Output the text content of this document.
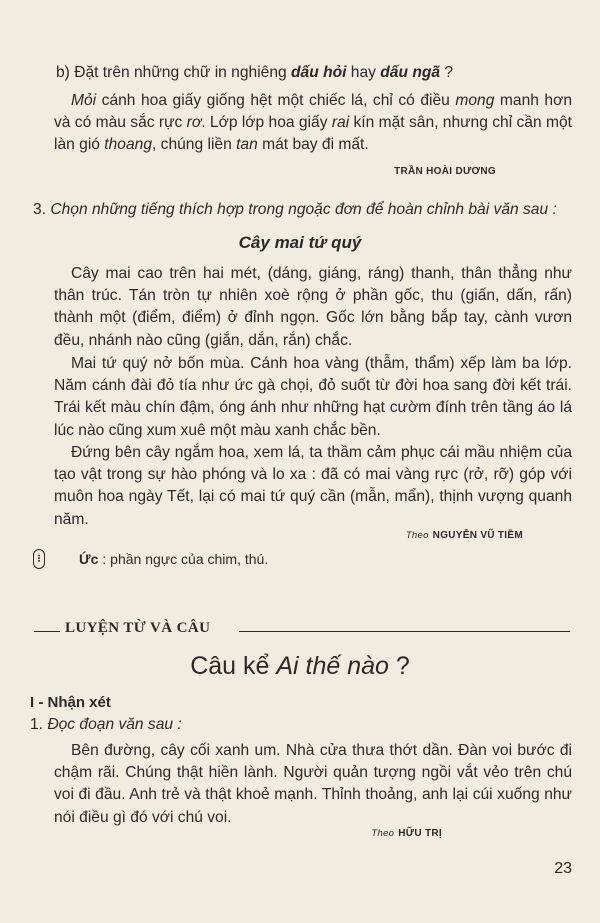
b) Đặt trên những chữ in nghiêng dấu hỏi hay dấu ngã ?

Mỏi cánh hoa giấy giống hệt một chiếc lá, chỉ có điều mong manh hơn và có màu sắc rực rơ. Lớp lớp hoa giấy rai kín mặt sân, nhưng chỉ cần một làn gió thoang, chúng liền tan mát bay đi mất.

TRẦN HOÀI DƯƠNG

3. Chọn những tiếng thích hợp trong ngoặc đơn để hoàn chỉnh bài văn sau :

Cây mai tứ quý

Cây mai cao trên hai mét, (dáng, giáng, ráng) thanh, thân thẳng như thân trúc. Tán tròn tự nhiên xoè rộng ở phần gốc, thu (giấn, dấn, rấn) thành một (điểm, điểm) ở đỉnh ngọn. Gốc lớn bằng bắp tay, cành vươn đều, nhánh nào cũng (giắn, dắn, rắn) chắc.

Mai tứ quý nở bốn mùa. Cánh hoa vàng (thẫm, thẩm) xếp làm ba lớp. Năm cánh đài đỏ tía như ức gà chọi, đỏ suốt từ đời hoa sang đời kết trái. Trái kết màu chín đậm, óng ánh như những hạt cườm đính trên tầng áo lá lúc nào cũng xum xuê một màu xanh chắc bền.

Đứng bên cây ngắm hoa, xem lá, ta thầm cảm phục cái mầu nhiệm của tạo vật trong sự hào phóng và lo xa : đã có mai vàng rực (rở, rỡ) góp với muôn hoa ngày Tết, lại có mai tứ quý cần (mẫn, mẩn), thịnh vượng quanh năm.

Theo NGUYỄN VŨ TIỀM

⁝	Ức : phần ngực của chim, thú.

LUYỆN TỪ VÀ CÂU
Câu kể Ai thế nào ?

I - Nhận xét

1. Đọc đoạn văn sau :

Bên đường, cây cối xanh um. Nhà cửa thưa thớt dần. Đàn voi bước đi chậm rãi. Chúng thật hiền lành. Người quản tượng ngồi vắt vẻo trên chú voi đi đầu. Anh trẻ và thật khoẻ mạnh. Thỉnh thoảng, anh lại cúi xuống như nói điều gì đó với chú voi.

Theo HỮU TRỊ

23
